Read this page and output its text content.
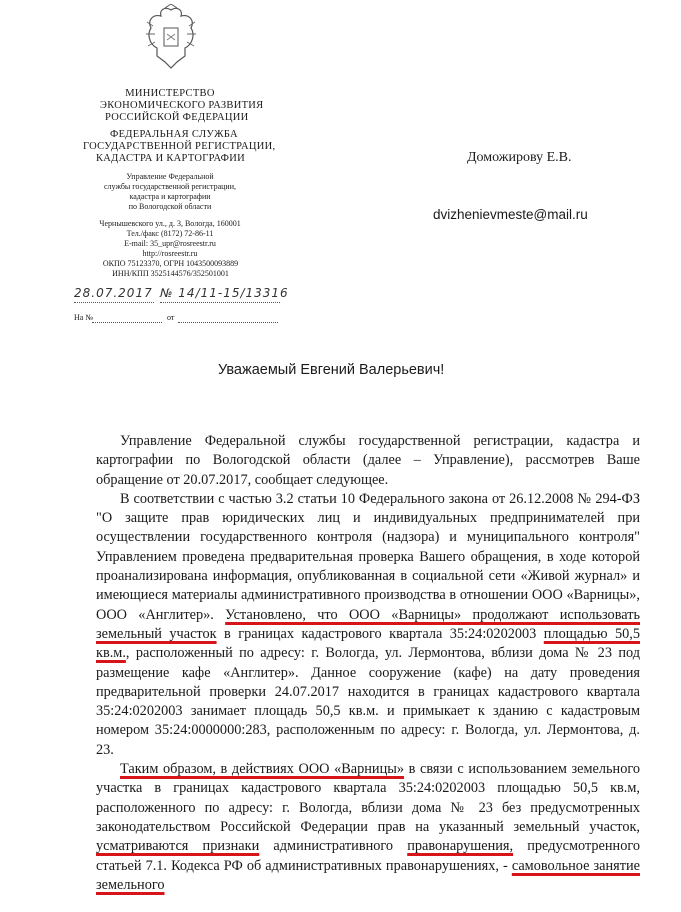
МИНИСТЕРСТВО
ЭКОНОМИЧЕСКОГО РАЗВИТИЯ
РОССИЙСКОЙ ФЕДЕРАЦИИ
ФЕДЕРАЛЬНАЯ СЛУЖБА
ГОСУДАРСТВЕННОЙ РЕГИСТРАЦИИ,
КАДАСТРА И КАРТОГРАФИИ
Управление Федеральной
службы государственной регистрации,
кадастра и картографии
по Вологодской области
Чернышевского ул., д. 3, Вологда, 160001
Тел./факс (8172) 72-86-11
E-mail: 35_upr@rosreestr.ru
http://rosreestr.ru
ОКПО 75123370, ОГРН 1043500093889
ИНН/КПП 3525144576/352501001
28.07.2017 № 14/11-15/13316
На №	от
Доможирову Е.В.
dvizhenievmeste@mail.ru
Уважаемый Евгений Валерьевич!

Управление Федеральной службы государственной регистрации, кадастра и картографии по Вологодской области (далее – Управление), рассмотрев Ваше обращение от 20.07.2017, сообщает следующее.

В соответствии с частью 3.2 статьи 10 Федерального закона от 26.12.2008 № 294-ФЗ "О защите прав юридических лиц и индивидуальных предпринимателей при осуществлении государственного контроля (надзора) и муниципального контроля" Управлением проведена предварительная проверка Вашего обращения, в ходе которой проанализирована информация, опубликованная в социальной сети «Живой журнал» и имеющиеся материалы административного производства в отношении ООО «Варницы», ООО «Англитер». Установлено, что ООО «Варницы» продолжают использовать земельный участок в границах кадастрового квартала 35:24:0202003 площадью 50,5 кв.м., расположенный по адресу: г. Вологда, ул. Лермонтова, вблизи дома № 23 под размещение кафе «Англитер». Данное сооружение (кафе) на дату проведения предварительной проверки 24.07.2017 находится в границах кадастрового квартала 35:24:0202003 занимает площадь 50,5 кв.м. и примыкает к зданию с кадастровым номером 35:24:0000000:283, расположенным по адресу: г. Вологда, ул. Лермонтова, д. 23.

Таким образом, в действиях ООО «Варницы» в связи с использованием земельного участка в границах кадастрового квартала 35:24:0202003 площадью 50,5 кв.м, расположенного по адресу: г. Вологда, вблизи дома № 23 без предусмотренных законодательством Российской Федерации прав на указанный земельный участок, усматриваются признаки административного правонарушения, предусмотренного статьей 7.1. Кодекса РФ об административных правонарушениях, - самовольное занятие земельного
